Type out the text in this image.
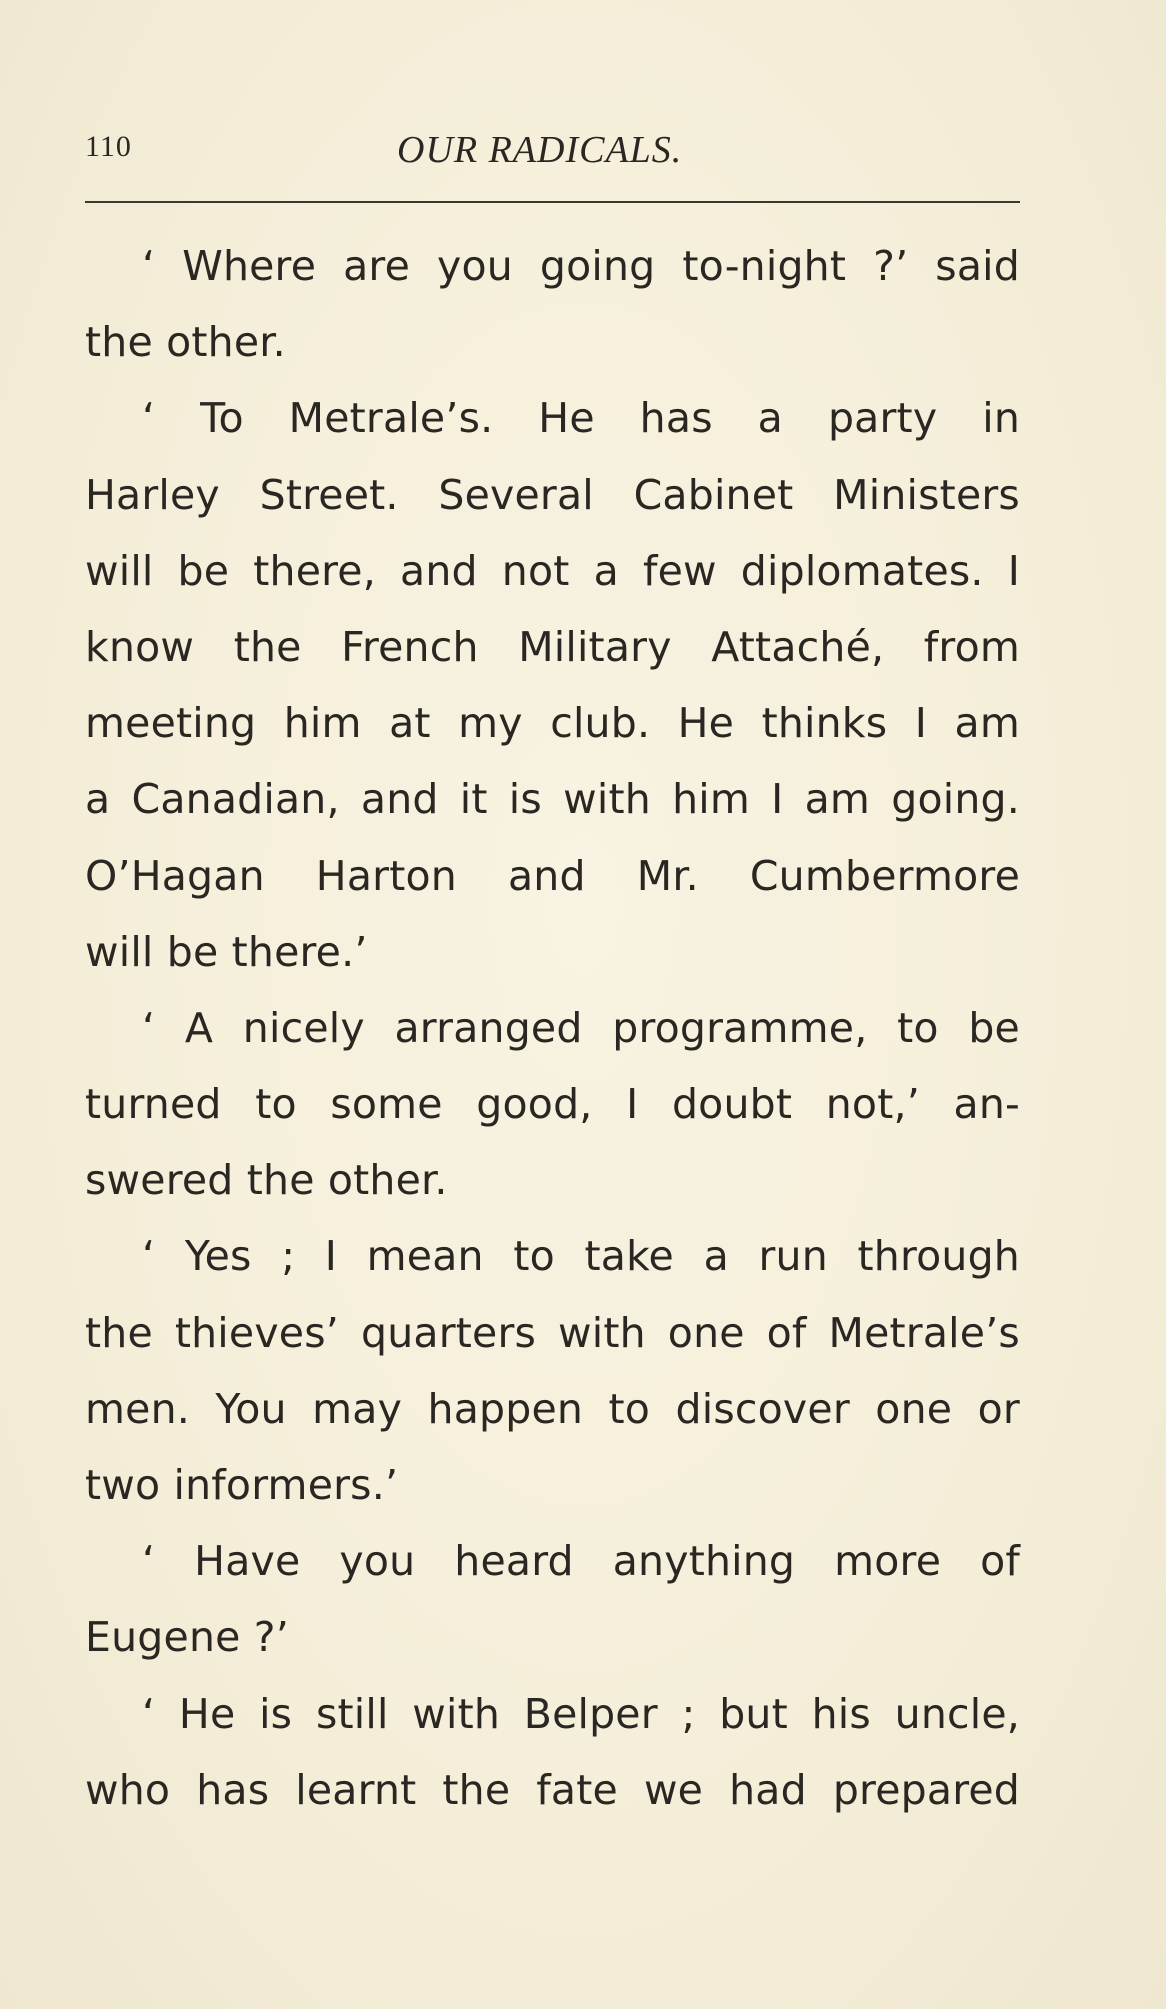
110	OUR RADICALS.
‘ Where are you going to-night ?’ said
the other.
‘ To Metrale’s. He has a party in
Harley Street. Several Cabinet Ministers
will be there, and not a few diplomates. I
know the French Military Attaché, from
meeting him at my club. He thinks I am
a Canadian, and it is with him I am going.
O’Hagan Harton and Mr. Cumbermore
will be there.’
‘ A nicely arranged programme, to be
turned to some good, I doubt not,’ an-
swered the other.
‘ Yes ; I mean to take a run through
the thieves’ quarters with one of Metrale’s
men. You may happen to discover one or
two informers.’
‘ Have you heard anything more of
Eugene ?’
‘ He is still with Belper ; but his uncle,
who has learnt the fate we had prepared
